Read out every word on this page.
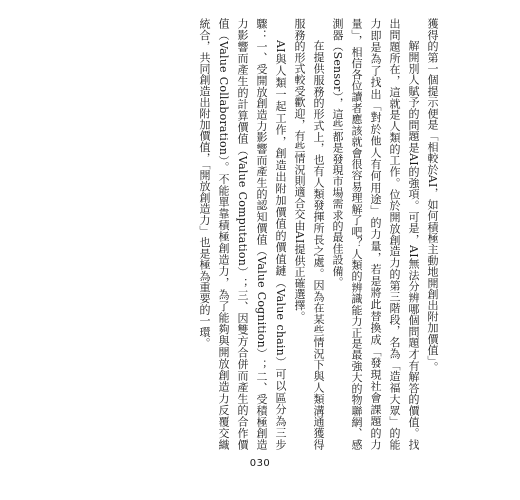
獲得的第一個提示便是「相較於AI，如何積極主動地開創出附加價值」。

解開別人賦予的問題是AI的強項。可是，AI無法分辨哪個問題才有解答的價值。找出問題所在，這就是人類的工作。位於開放創造力的第三階段，名為「造福大眾」的能力即是為了找出「對於他人有何用途」的力量，若是將此替換成「發現社會課題的力量」，相信各位讀者應該就會很容易理解了吧？人類的辨識能力正是最強大的物聯網、感測器（Sensor），這些都是發現市場需求的最佳設備。

在提供服務的形式上，也有人類發揮所長之處。因為在某些情況下與人類溝通獲得服務的形式較受歡迎，有些情況則適合交由AI提供正確選擇。

AI與人類一起工作，創造出附加價值的價值鏈（Value chain）可以區分為三步驟：一、受開放創造力影響而產生的認知價值（Value Cognition）；二、受積極創造力影響而產生的計算價值（Value Computation）；三、因雙方合併而產生的合作價值（Value Collaboration）。不能單靠積極創造力，為了能夠與開放創造力反覆交織統合，共同創造出附加價值，「開放創造力」也是極為重要的一環。

030
